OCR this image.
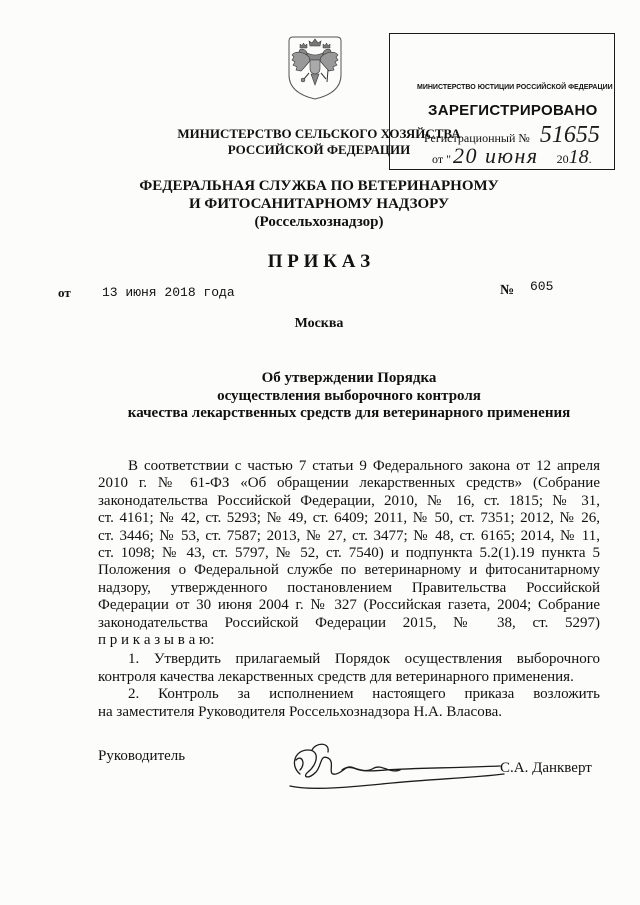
МИНИСТЕРСТВО ЮСТИЦИИ РОССИЙСКОЙ ФЕДЕРАЦИИ
ЗАРЕГИСТРИРОВАНО
Регистрационный № 51655
от "20 июня 2018.
МИНИСТЕРСТВО СЕЛЬСКОГО ХОЗЯЙСТВА
РОССИЙСКОЙ ФЕДЕРАЦИИ
ФЕДЕРАЛЬНАЯ СЛУЖБА ПО ВЕТЕРИНАРНОМУ
И ФИТОСАНИТАРНОМУ НАДЗОРУ
(Россельхознадзор)
П Р И К А З
от 13 июня 2018 года	№ 605
Москва
Об утверждении Порядка
осуществления выборочного контроля
качества лекарственных средств для ветеринарного применения
В соответствии с частью 7 статьи 9 Федерального закона от 12 апреля
2010 г. № 61-ФЗ «Об обращении лекарственных средств» (Собрание
законодательства Российской Федерации, 2010, № 16, ст. 1815; № 31,
ст. 4161; № 42, ст. 5293; № 49, ст. 6409; 2011, № 50, ст. 7351; 2012, № 26,
ст. 3446; № 53, ст. 7587; 2013, № 27, ст. 3477; № 48, ст. 6165; 2014, № 11,
ст. 1098; № 43, ст. 5797, № 52, ст. 7540) и подпункта 5.2(1).19 пункта 5
Положения о Федеральной службе по ветеринарному и фитосанитарному
надзору, утвержденного постановлением Правительства Российской
Федерации от 30 июня 2004 г. № 327 (Российская газета, 2004; Собрание
законодательства Российской Федерации 2015, № 38, ст. 5297)
п р и к а з ы в а ю:
1. Утвердить прилагаемый Порядок осуществления выборочного
контроля качества лекарственных средств для ветеринарного применения.
2. Контроль за исполнением настоящего приказа возложить
на заместителя Руководителя Россельхознадзора Н.А. Власова.
Руководитель
С.А. Данкверт
